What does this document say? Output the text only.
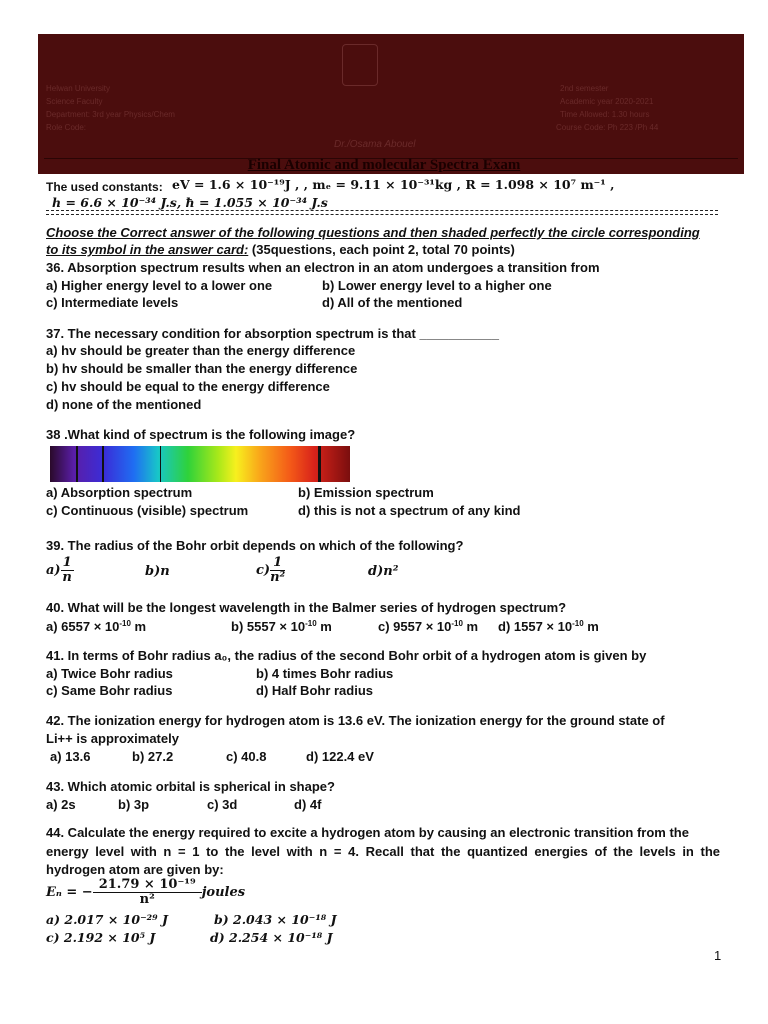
Helwan University
Science Faculty
Department: 3rd year Physics/Chem
Role Code:
2nd semester
Academic year 2020-2021
Time Allowed: 1.30 hours
Course Code: Ph 223 /Ph 44
Dr./Osama Abouel
Final Atomic and molecular Spectra Exam
The used constants: eV = 1.6 × 10⁻¹⁹J , , mₑ = 9.11 × 10⁻³¹kg , R = 1.098 × 10⁷ m⁻¹ ,
h = 6.6 × 10⁻³⁴ J.s, ħ = 1.055 × 10⁻³⁴ J.s
Choose the Correct answer of the following questions and then shaded perfectly the circle corresponding
to its symbol in the answer card: (35questions, each point 2, total 70 points)
36. Absorption spectrum results when an electron in an atom undergoes a transition from
a) Higher energy level to a lower one	b) Lower energy level to a higher one
c) Intermediate levels	d) All of the mentioned
37. The necessary condition for absorption spectrum is that ___________
a) hv should be greater than the energy difference
b) hv should be smaller than the energy difference
c) hv should be equal to the energy difference
d) none of the mentioned
38 .What kind of spectrum is the following image?
a) Absorption spectrum	b) Emission spectrum
c) Continuous (visible) spectrum	d) this is not a spectrum of any kind
39. The radius of the Bohr orbit depends on which of the following?
$a) \frac{1}{n}$	b)n	$c) \frac{1}{\text{n²}}$	d)n²
40. What will be the longest wavelength in the Balmer series of hydrogen spectrum?
a) $6557 \times 10^{-10}$ m	b) $5557 \times 10^{-10}$ m	c) $9557 \times 10^{-10}$ m d) $1557 \times 10^{-10}$ m
41. In terms of Bohr radius a₀, the radius of the second Bohr orbit of a hydrogen atom is given by
a) Twice Bohr radius	b) 4 times Bohr radius
c) Same Bohr radius	d) Half Bohr radius
42. The ionization energy for hydrogen atom is 13.6 eV. The ionization energy for the ground state of
Li++ is approximately
a) 13.6	b) 27.2	c) 40.8	d) 122.4 eV
43. Which atomic orbital is spherical in shape?
a) 2s	b) 3p	c) 3d	d) 4f
44. Calculate the energy required to excite a hydrogen atom by causing an electronic transition from the
energy level with n = 1 to the level with n = 4. Recall that the quantized energies of the levels in the
hydrogen atom are given by:
Eₙ = − $\frac{\text{21.79 × 10⁻¹⁹}}{\text{n²}}$ joules
a) 2.017 × 10⁻²⁹ J	b) 2.043 × 10⁻¹⁸ J
c) 2.192 × 10⁵ J	d) 2.254 × 10⁻¹⁸ J
1
